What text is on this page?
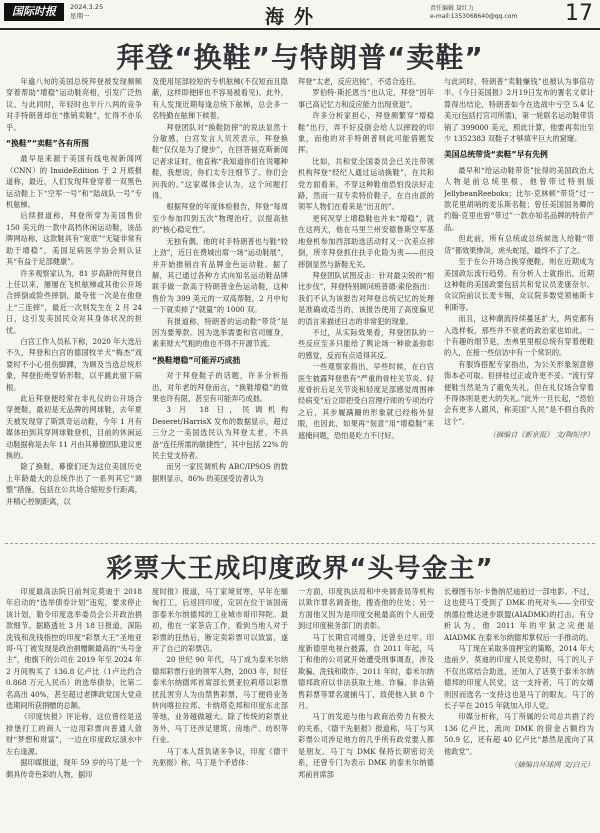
国际时报	2024.3.25
星期一	海外	责任编辑 聂红力
e-mail:1353068640@qq.com 17
拜登“换鞋”与特朗普“卖鞋”

年逾八旬的美国总统拜登被发现频频穿着帮助“增稳”运动鞋亮相，引发广泛热议。与此同时，年轻时也半斤八两的竞争对手特朗普却在“推销卖鞋”，忙得不亦乐乎。

“换鞋”“卖鞋”各有所图

最早是来源于美国有线电视新闻网（CNN）的 InsideEdition 于 2 月底报道称，最近，人们发现拜登穿着一双黑色运动鞋上下“空军一号”和“陆战队一号”专机舷梯。

后续报道称，拜登所穿为美国售价 150 美元的一款中高档休闲运动鞋，该品牌网站称，这款鞋具有“宽底”“无疑非常有助于增稳”，美国足病医学协会则认证其“有益于足部健康”。

许多观察家认为，81 岁高龄的拜登自上任以来，屡屡在飞机舷梯或其他公开场合摔倒或险些摔倒，最夸张一次是在他登上“三连摔”，最近一次则发生在 2 月 24 日，这引发美国民众对其身体状况的担忧。

白宫工作人员私下称，2020 年大选后不久，拜登和白宫的德国牧羊犬“梅杰”戏耍时不小心扭伤脚踝，为顾及当选总统形象，拜登拒绝穿矫形鞋，以平跳此留下病根。

此后拜登便经常在非礼仪的公开场合穿便鞋，最初是无品牌的网球鞋，去年夏天被发现穿了斯凯奇运动鞋，今年 1 月有媒体拍到其穿网球鞋登机，目前的休闲运动鞋据称是去年 11 月由其幕僚团队建议更换的。

除了换鞋，幕僚们还为这位美国历史上年龄最大的总统作出了一系列其它“调整”措施，包括在公共场合缩短步行距离，并精心控制距离，以

及使用尾部较短的专机舷梯(不仅短而且隐蔽，这样即便摔也不容易被看见)。此外，有人发现近期每逢总统下舷梯，总会多一名特勤在舷梯下候着。

拜登团队对“换鞋防摔”的说法显然十分敏感，白宫发言人贝茨表示，拜登换鞋“仅仅是为了健步”，在回答福克斯新闻记者求证时，他直称“我知道你们在说哪种鞋，我想说，你们太专注细节了。你们会问我的。”这家媒体会认为，这个问题打得。

根据拜登的年度体检报告，拜登“每周至少参加四到五次”物理治疗，以提高他的“核心稳定性”。

无独有偶，他的对手特朗普也与鞋“较上劲”，近日在费城出席一场“运动鞋展”，并开始推销自有品牌金色运动鞋。据了解，其已通过各种方式向知名运动鞋品牌联手做一款高于特朗普金色运动鞋，这种售价为 399 美元的一双高帮鞋，2 月中旬一下就卖掉了“就量”的 1000 双。

有报道称，特朗普的运动鞋“带货”是因为要筹款。因为选举需要和官司缠身，素来财大气粗的他也不得不开源节流。

“换鞋增稳”可能弄巧成拙

对于拜登鞋子的话题，许多分析指出，对年老的拜登而言，“换鞋增稳”的效果也许有限，甚至有可能弄巧成拙。

3 月 18 日，民调机构 Deseret/HarrisX 发布的数据显示，超过三分之一美国选民认为拜登太老，不具备“连任所需的敏捷性”，其中包括 22% 的民主党支持者。

而另一家民调机构 ABC/IPSOS 的数据则显示，86% 的美国受访者认为

拜登“太老，反应迟钝”，不适合连任。

罗伯特·斯托恩当“也认定，拜登”因年事已高记忆力和反应能力出现衰退”。

许多分析家担心，拜登频繁穿“增稳鞋”出行，弄不好反倒会给人以摔跤的印象，而他的对手特朗普则此可能借题发挥。

比如，共和党全国委员会已关注带领机构拜登“经纪人通过运动换鞋”，在共和党方面看来，不穿这种鞋他恐怕没法好走路，然而一双专卖特价鞋子，在自由派的领军人物们在看来是“出丑的”。

更何况穿上增稳鞋也并未“增稳”，就在这两天，他在马里兰州安德鲁斯空军基地登机参加西部助选活动时又一次差点摔倒，所幸拜登抓住扶手化险为夷——但没摔倒显然与新鞋无关。

拜登团队试图反击：针对最尖锐的“相比步伐”，拜登特别顾问班普德·索伦指出：我们不认为该报告对拜登总统记忆的处理是准确或适当的，该报告使用了高度偏见的语言来描述日志的非常犯的现象。

不过，从实际效果看，拜登团队的一些反应至多只能给了舆论场一种欲盖弥彰的感觉，反而有点适得其反。

一些观察家指出，早些时候，在白宫医生披露拜登患有“严重的骨柱关节炎、轻度骨折后足关节炎和轻度足部感觉周围神经病变”后立即把受白宫理疗师的专项治疗之后，其步履蹒跚的形象就已经格外显眼，也因此，如果再“刻意”用“增稳鞋”来遮掩问题，恐怕是吃力不讨好。

与此同时，特朗普“卖鞋赚钱”也被认为事倍功半。《今日美国报》2月19日发布的署名文章计算得出结论，特朗普如今在选战中亏空 5.4 亿美元(包括打官司所需)，第一轮联名运动鞋带货销了 399000 美元，照此计算，他要再卖出至少 1352383 双鞋子才够填平巨大的窟窿。

美国总统带货“卖鞋”早有先例

最早和“给运动鞋带货”扯得的美国政治大人物是前总统里根，他曾带过特别版 JellybeanReeboks；比尔·克林顿“带货”过一款花里胡哨的麦乐斯名鞋；曾任美国国务卿的约翰·克里也曾“带过”一款亦知名品牌的特价产品。

但此前，所有总统或总统候选人给鞋“带货”都效果惨淡，虎头蛇尾，最终不了了之。

至于在公开场合换穿便鞋，则在近期成为美国政坛流行趋势。有分析人士就指出，近期这种鞋的美国政要包括共和党议员麦康奈尔、众议院前议长麦卡锡，众议院多数党领袖斯卡利斯等。

而且，这种潮流持续蔓延扩大，两党都有入选样板，那些并不衰老的政治家也如此。一个有趣的细节是，杰弗里里根总统有穿着便鞋的人，在接一些信访中有一个常识的。

有服饰搭配专家指出，为公关形象刻意修饰本必可取。但拼桂过正或许更不妥。“流行穿便鞋当然是为了避免失礼，但在礼仪场合穿着不得体则是更大的失礼。”此外一旦长起，“恐怕会有更多人跟风，称美国“人民”是不假自我的这个”。

（摘编自《新京报》 文/陶短序）

彩票大王成印度政界“头号金主”

印度最高法院日前判定莫迪于 2018 年启动的“选举债券计划”违宪，要求停止该计划，勒令印度选举委员会公开政治捐款细节。据路透社 3 月 18 日报道，深陷洗钱和洗钱指控的印度“彩票大王”圣地亚哥·马丁被发现是政治捐赠额最高的“头号金主”，他旗下的公司在 2019 年至 2024 年 2 月间购买了 136.8 亿卢比（1卢比约合 0.868 万元人民币）的选举债券，比第二名高出 40%，甚至超过老牌政党国大党竞选期间所获捐赠的总额。

《印度快报》评论称，这位曾经是送排堡打工的商人一边用彩票向普通人敛财“梦想和财富”，一边在印度政坛演水中左右逢源。

据印媒报道，现年 59 岁的马丁是一个颇具传奇色彩的人物，据印

度时报》报道，马丁家境贫寒，早年在缅甸打工，后返回印度，定居在位于该国南部泰米尔纳德邦的工业城市哥印拜陀。最初，他在一家茶店工作，看到当地人对于彩票的狂热后，断定卖彩票可以致富，遂开了自己的彩票店。

20 世纪 90 年代，马丁成为泰米尔纳德邦彩票行业的领军人物，2003 年，时任泰米尔纳德邦首席部长贾亚拉莉塔以彩票扰乱害穷人为由禁售彩票，马丁便将业务转向喀拉拉邦、卡纳塔克邦和印度东北部等地，业务越做越大。除了传统的彩票业务外，马丁还涉足建筑、房地产、纺织等行业。

马丁本人背负诸多争议，印度《德干先驱报》称，马丁是个矛盾体：

一方面，印度执法局和中央调查局等机构以欺诈罪名调查他，搜查他的住处；另一方面他又因为是印度交税最高的个人而受到过印度税务部门的表彰。

马丁长期官司缠身，还曾坐过牢。印度新德里电视台披露，自 2011 年起，马丁和他的公司就开始遭受刑事调查，涉及欺骗、洗钱和欺诈。2011 年时，泰米尔纳德邦政府以非法获取土地、诈骗、非法销售彩票等罪名逮捕马丁，致使他入狱 8 个月。

马丁的发迹与他与政商治势力有极大的关系，《德干先驱报》报道称，马丁与其彩票公司涉足地方的几乎所有政党要人都是朋友。马丁与 DMK 保持长期密切关系，还曾专门为表示 DMK 的泰米尔纳德邦前首席部

长穆图韦尔·卡鲁纳尼迪拍过一部电影。不过，这也使马丁受到了 DMK 的死对头——全印安纳德拉维达进步联盟(AIADMK)的打击。有分析认为，他 2011 年的牢狱之灾便是 AIADMK 在泰米尔纳德邦掌权后一手推动的。

马丁现在采取多面押宝的策略，2014 年大选前夕，莫迪的印度人民党势时，马丁的儿子不仅出席结合助选，还加入了话莫于泰米尔纳德邦的印度人民党，这一支持者，马丁的女婿则因而选名一支持这也是马丁的眼友。马丁的长子早在 2015 年就加入印人党。

印媒分析称，马丁所属的公司总共捐了约 136 亿卢比，流向 DMK 的借金占额约为 50.9 亿，还有超 40 亿卢比“悬然是流向了其他政党”。

（摘编自环球网 文/白元）
